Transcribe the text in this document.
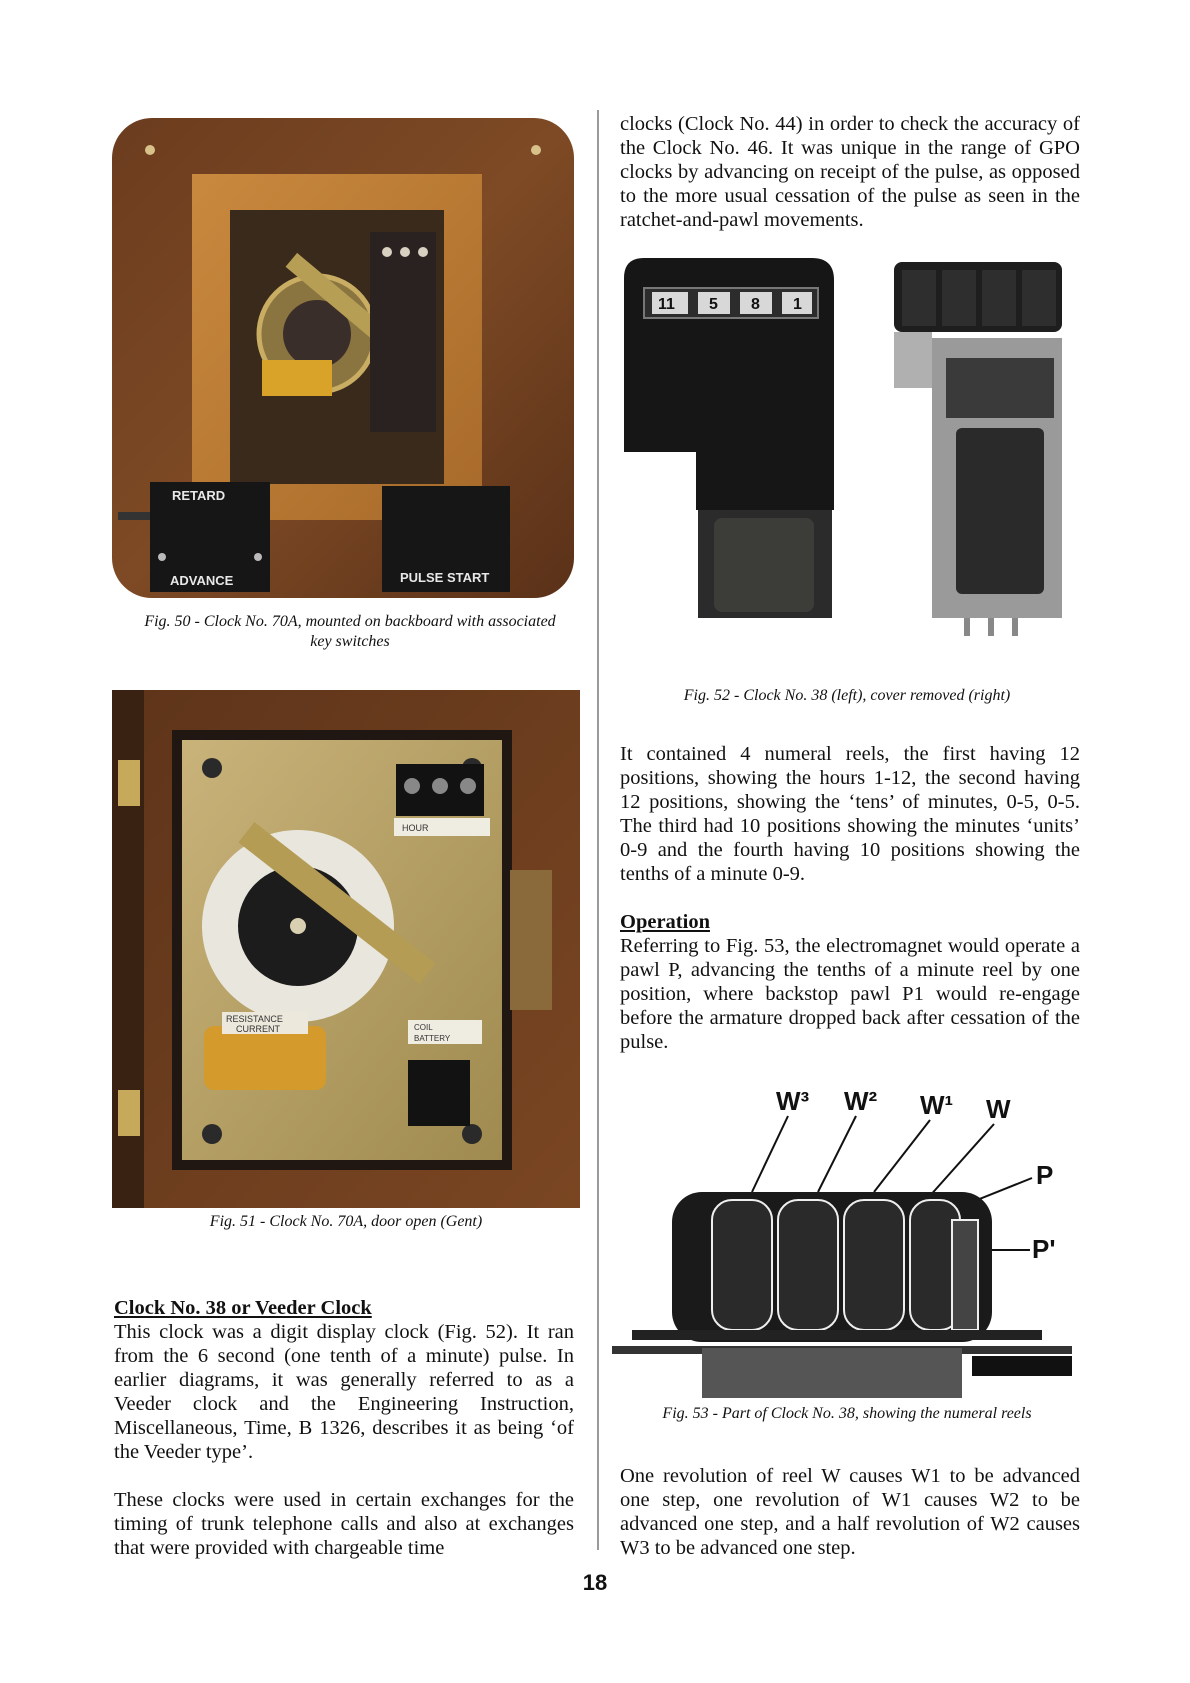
RETARD
ADVANCE	PULSE START
Fig. 50 - Clock No. 70A, mounted on backboard with associated key switches
RESISTANCE
CURRENT
HOUR
COIL
BATTERY
Fig. 51 - Clock No. 70A, door open (Gent)
Clock No. 38 or Veeder Clock

This clock was a digit display clock (Fig. 52). It ran from the 6 second (one tenth of a minute) pulse. In earlier diagrams, it was generally referred to as a Veeder clock and the Engineering Instruction, Miscellaneous, Time, B 1326, describes it as being ‘of the Veeder type’.

These clocks were used in certain exchanges for the timing of trunk telephone calls and also at exchanges that were provided with chargeable time

clocks (Clock No. 44) in order to check the accuracy of the Clock No. 46. It was unique in the range of GPO clocks by advancing on receipt of the pulse, as opposed to the more usual cessation of the pulse as seen in the ratchet-and-pawl movements.

11 5 8 1
Fig. 52 - Clock No. 38 (left), cover removed (right)

It contained 4 numeral reels, the first having 12 positions, showing the hours 1-12, the second having 12 positions, showing the ‘tens’ of minutes, 0-5, 0-5. The third had 10 positions showing the minutes ‘units’ 0-9 and the fourth having 10 positions showing the tenths of a minute 0-9.

Operation

Referring to Fig. 53, the electromagnet would operate a pawl P, advancing the tenths of a minute reel by one position, where backstop pawl P1 would re-engage before the armature dropped back after cessation of the pulse.

W³ W² W¹ W
P
P'
Fig. 53 - Part of Clock No. 38, showing the numeral reels

One revolution of reel W causes W1 to be advanced one step, one revolution of W1 causes W2 to be advanced one step, and a half revolution of W2 causes W3 to be advanced one step.

18
